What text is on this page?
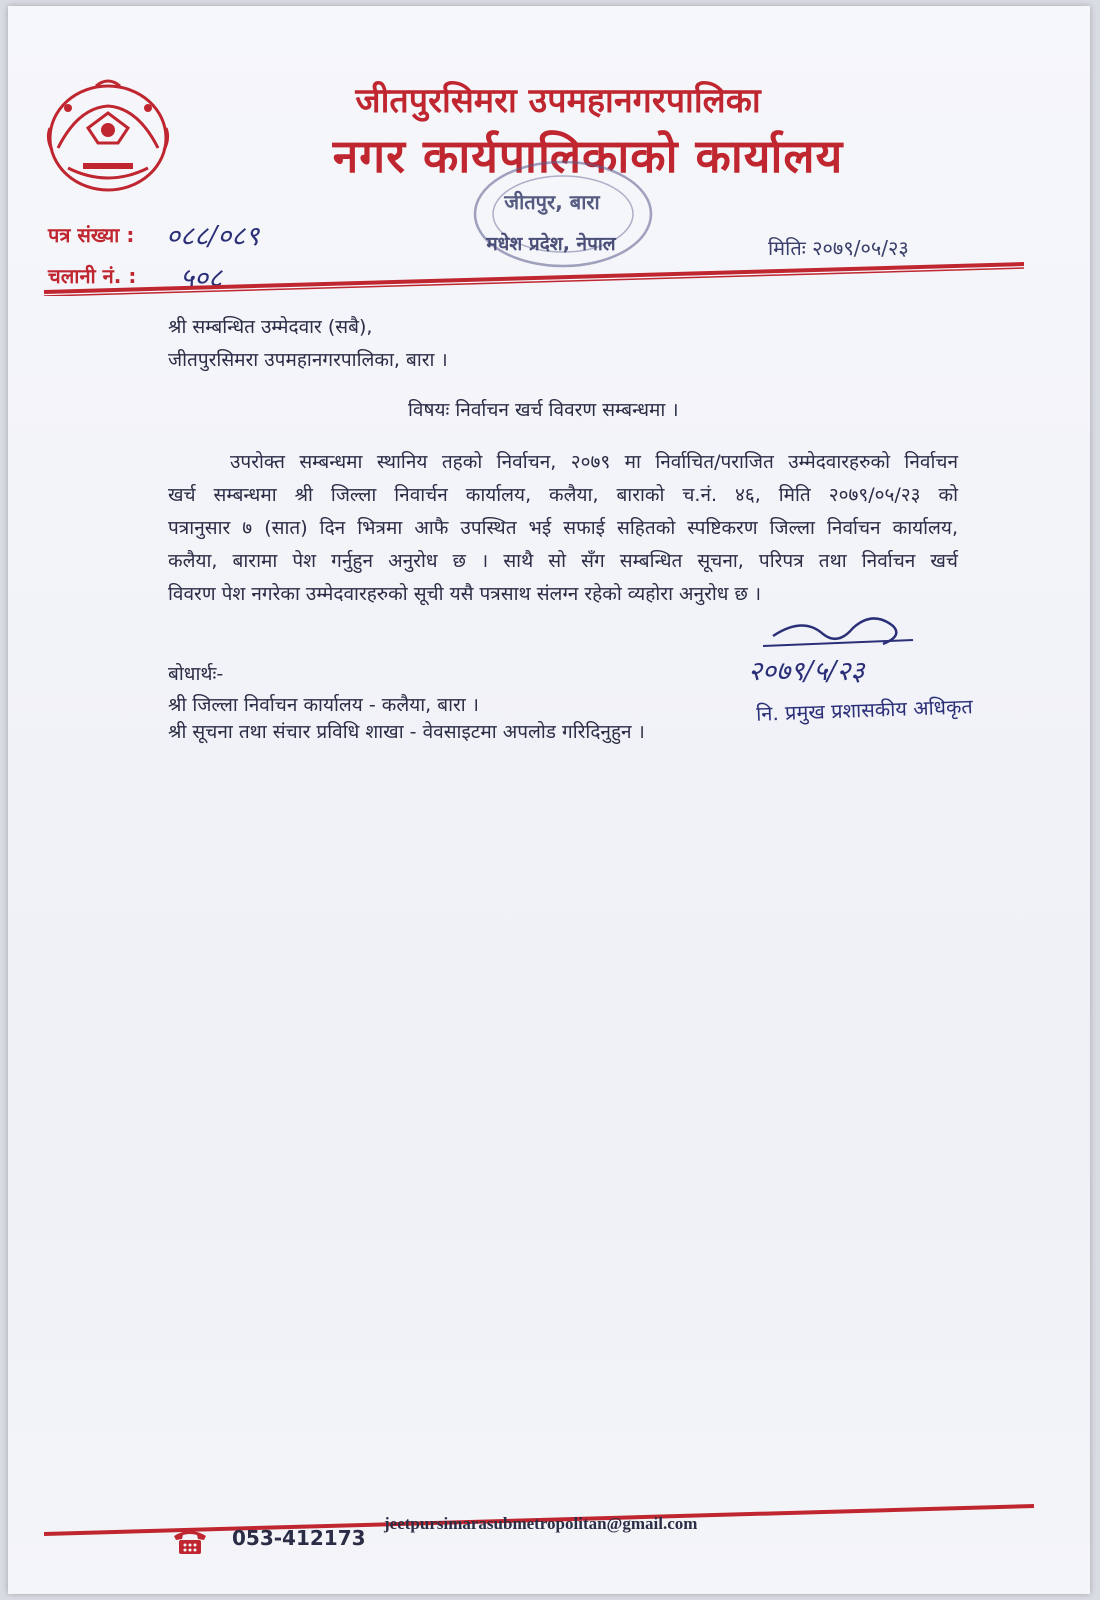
जीतपुरसिमरा उपमहानगरपालिका
नगर कार्यपालिकाको कार्यालय
जीतपुर, बारा
मधेश प्रदेश, नेपाल
पत्र संख्या : ०८८/०८९
चलानी नं. : ५०८
मितिः २०७९/०५/२३
श्री सम्बन्धित उम्मेदवार (सबै),
जीतपुरसिमरा उपमहानगरपालिका, बारा ।
विषयः निर्वाचन खर्च विवरण सम्बन्धमा ।
उपरोक्त सम्बन्धमा स्थानिय तहको निर्वाचन, २०७९ मा निर्वाचित/पराजित उम्मेदवारहरुको निर्वाचन
खर्च सम्बन्धमा श्री जिल्ला निवार्चन कार्यालय, कलैया, बाराको च.नं. ४६, मिति २०७९/०५/२३ को
पत्रानुसार ७ (सात) दिन भित्रमा आफै उपस्थित भई सफाई सहितको स्पष्टिकरण जिल्ला निर्वाचन कार्यालय,
कलैया, बारामा पेश गर्नुहुन अनुरोध छ । साथै सो सँग सम्बन्धित सूचना, परिपत्र तथा निर्वाचन खर्च
विवरण पेश नगरेका उम्मेदवारहरुको सूची यसै पत्रसाथ संलग्न रहेको व्यहोरा अनुरोध छ ।
२०७९/५/२३
नि. प्रमुख प्रशासकीय अधिकृत
बोधार्थः-
श्री जिल्ला निर्वाचन कार्यालय - कलैया, बारा ।
श्री सूचना तथा संचार प्रविधि शाखा - वेवसाइटमा अपलोड गरिदिनुहुन ।
053-412173
jeetpursimarasubmetropolitan@gmail.com
